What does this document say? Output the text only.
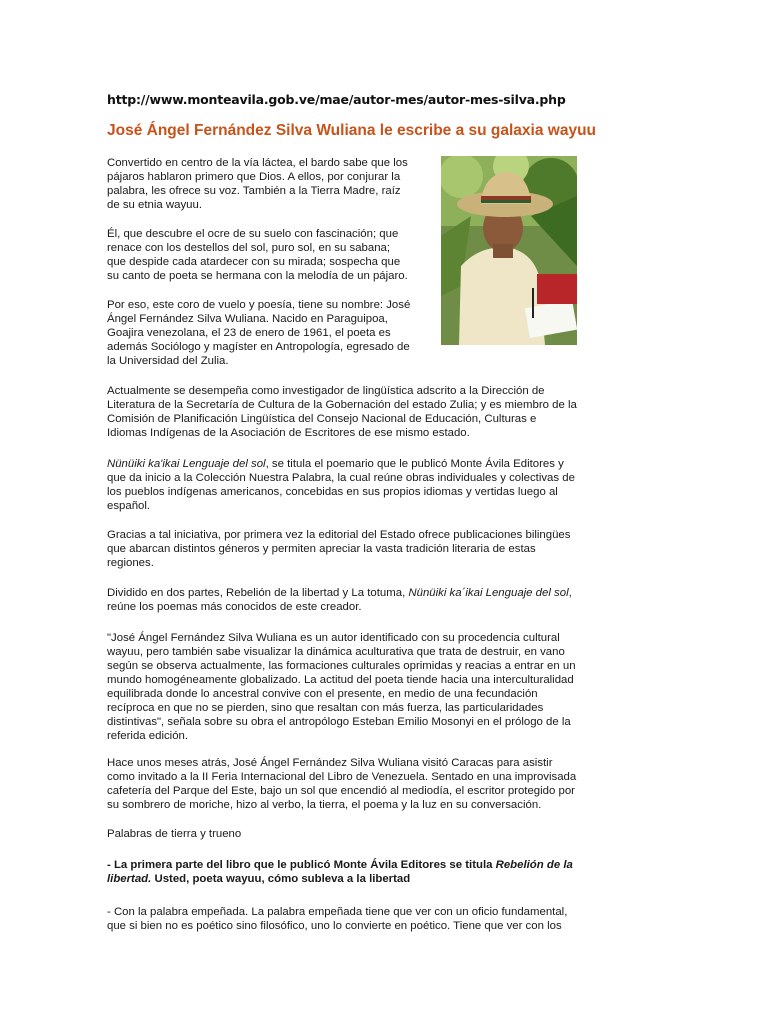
http://www.monteavila.gob.ve/mae/autor-mes/autor-mes-silva.php
José Ángel Fernández Silva Wuliana le escribe a su galaxia wayuu

Convertido en centro de la vía láctea, el bardo sabe que los pájaros hablaron primero que Dios. A ellos, por conjurar la palabra, les ofrece su voz. También a la Tierra Madre, raíz de su etnia wayuu.

Él, que descubre el ocre de su suelo con fascinación; que renace con los destellos del sol, puro sol, en su sabana; que despide cada atardecer con su mirada; sospecha que su canto de poeta se hermana con la melodía de un pájaro.

Por eso, este coro de vuelo y poesía, tiene su nombre: José Ángel Fernández Silva Wuliana. Nacido en Paraguipoa, Goajira venezolana, el 23 de enero de 1961, el poeta es además Sociólogo y magíster en Antropología, egresado de la Universidad del Zulia.

Actualmente se desempeña como investigador de lingüística adscrito a la Dirección de Literatura de la Secretaría de Cultura de la Gobernación del estado Zulia; y es miembro de la Comisión de Planificación Lingüística del Consejo Nacional de Educación, Culturas e Idiomas Indígenas de la Asociación de Escritores de ese mismo estado.

Nünüiki ka'ikai Lenguaje del sol, se titula el poemario que le publicó Monte Ávila Editores y que da inicio a la Colección Nuestra Palabra, la cual reúne obras individuales y colectivas de los pueblos indígenas americanos, concebidas en sus propios idiomas y vertidas luego al español.

Gracias a tal iniciativa, por primera vez la editorial del Estado ofrece publicaciones bilingües que abarcan distintos géneros y permiten apreciar la vasta tradición literaria de estas regiones.

Dividido en dos partes, Rebelión de la libertad y La totuma, Nünüiki ka´ikai Lenguaje del sol, reúne los poemas más conocidos de este creador.

"José Ángel Fernández Silva Wuliana es un autor identificado con su procedencia cultural wayuu, pero también sabe visualizar la dinámica aculturativa que trata de destruir, en vano según se observa actualmente, las formaciones culturales oprimidas y reacias a entrar en un mundo homogéneamente globalizado. La actitud del poeta tiende hacia una interculturalidad equilibrada donde lo ancestral convive con el presente, en medio de una fecundación recíproca en que no se pierden, sino que resaltan con más fuerza, las particularidades distintivas", señala sobre su obra el antropólogo Esteban Emilio Mosonyi en el prólogo de la referida edición.

Hace unos meses atrás, José Ángel Fernández Silva Wuliana visitó Caracas para asistir como invitado a la II Feria Internacional del Libro de Venezuela. Sentado en una improvisada cafetería del Parque del Este, bajo un sol que encendió al mediodía, el escritor protegido por su sombrero de moriche, hizo al verbo, la tierra, el poema y la luz en su conversación.

Palabras de tierra y trueno

- La primera parte del libro que le publicó Monte Ávila Editores se titula Rebelión de la libertad. Usted, poeta wayuu, cómo subleva a la libertad

- Con la palabra empeñada. La palabra empeñada tiene que ver con un oficio fundamental, que si bien no es poético sino filosófico, uno lo convierte en poético. Tiene que ver con los
